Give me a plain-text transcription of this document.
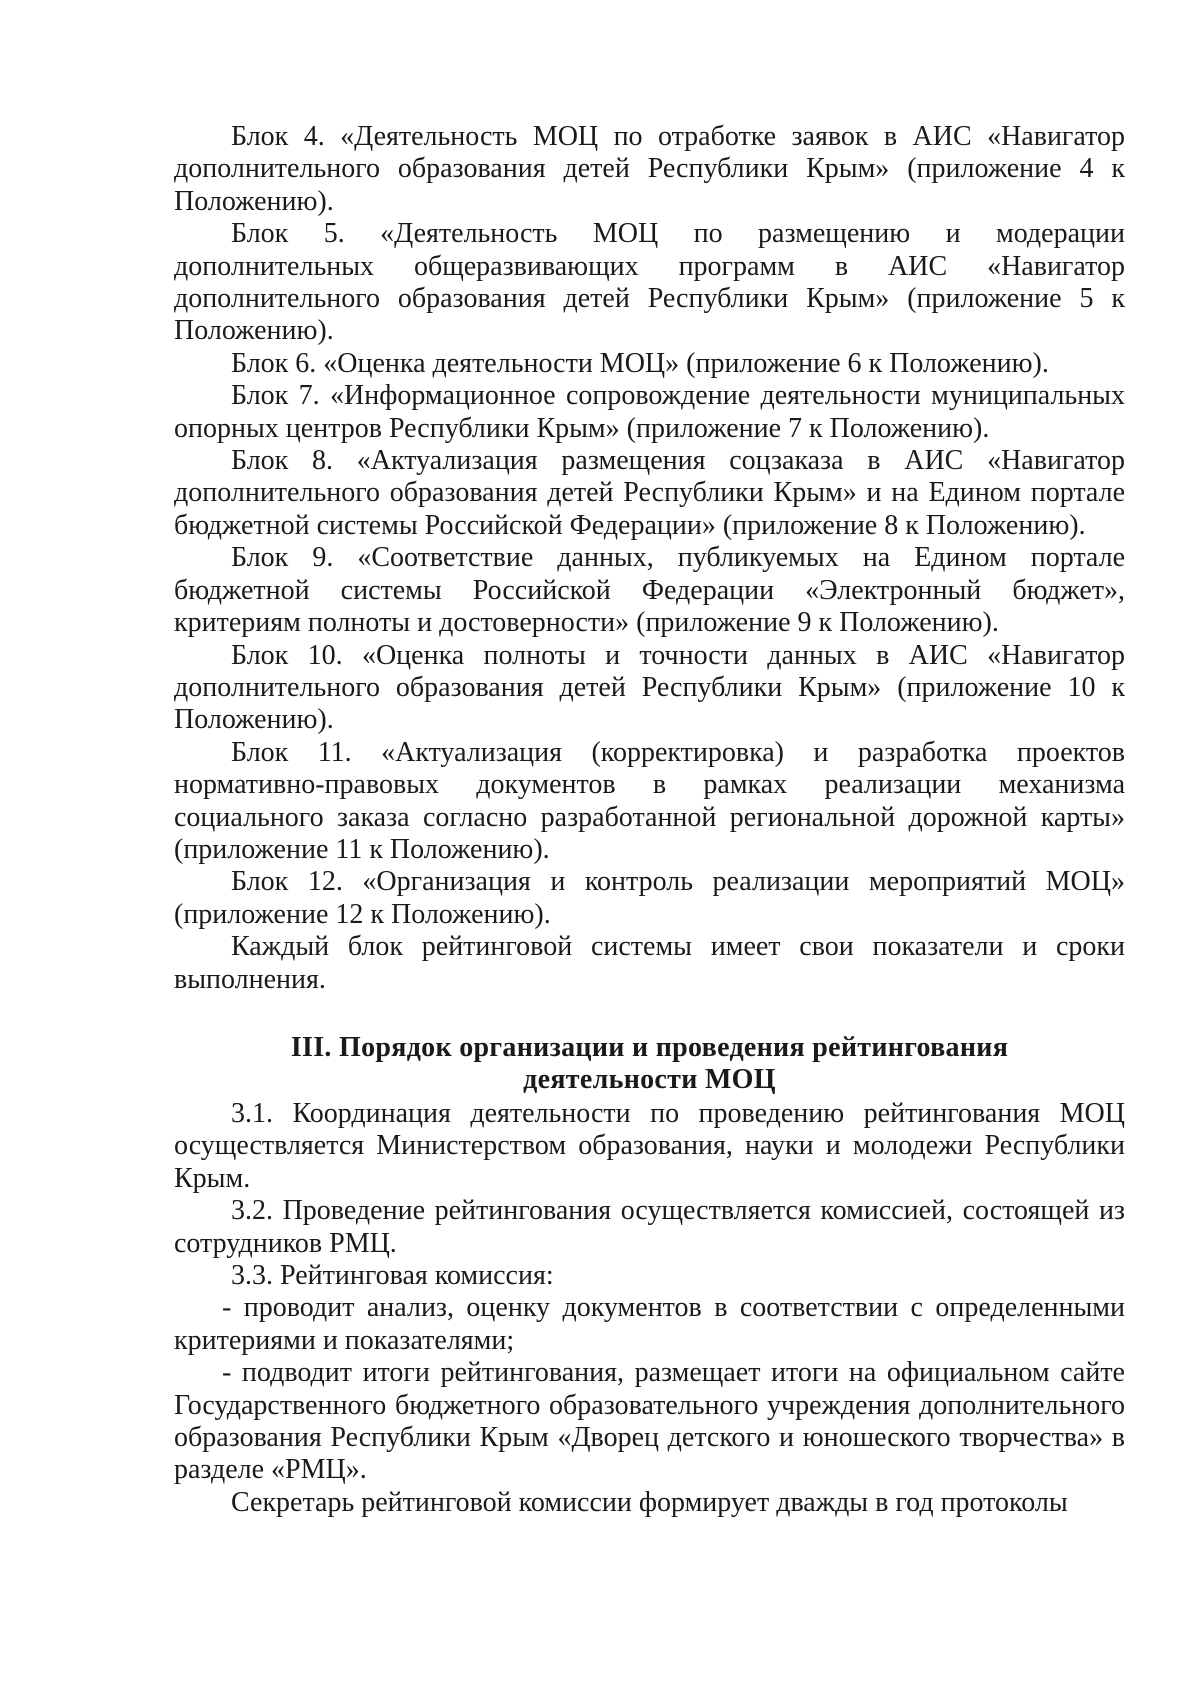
Блок 4. «Деятельность МОЦ по отработке заявок в АИС «Навигатор дополнительного образования детей Республики Крым» (приложение 4 к Положению).

Блок 5. «Деятельность МОЦ по размещению и модерации дополнительных общеразвивающих программ в АИС «Навигатор дополнительного образования детей Республики Крым» (приложение 5 к Положению).

Блок 6. «Оценка деятельности МОЦ» (приложение 6 к Положению).

Блок 7. «Информационное сопровождение деятельности муниципальных опорных центров Республики Крым» (приложение 7 к Положению).

Блок 8. «Актуализация размещения соцзаказа в АИС «Навигатор дополнительного образования детей Республики Крым» и на Едином портале бюджетной системы Российской Федерации» (приложение 8 к Положению).

Блок 9. «Соответствие данных, публикуемых на Едином портале бюджетной системы Российской Федерации «Электронный бюджет», критериям полноты и достоверности» (приложение 9 к Положению).

Блок 10. «Оценка полноты и точности данных в АИС «Навигатор дополнительного образования детей Республики Крым» (приложение 10 к Положению).

Блок 11. «Актуализация (корректировка) и разработка проектов нормативно-правовых документов в рамках реализации механизма социального заказа согласно разработанной региональной дорожной карты» (приложение 11 к Положению).

Блок 12. «Организация и контроль реализации мероприятий МОЦ» (приложение 12 к Положению).

Каждый блок рейтинговой системы имеет свои показатели и сроки выполнения.

III. Порядок организации и проведения рейтингования
деятельности МОЦ

3.1. Координация деятельности по проведению рейтингования МОЦ осуществляется Министерством образования, науки и молодежи Республики Крым.

3.2. Проведение рейтингования осуществляется комиссией, состоящей из сотрудников РМЦ.

3.3. Рейтинговая комиссия:

- проводит анализ, оценку документов в соответствии с определенными критериями и показателями;

- подводит итоги рейтингования, размещает итоги на официальном сайте Государственного бюджетного образовательного учреждения дополнительного образования Республики Крым «Дворец детского и юношеского творчества» в разделе «РМЦ».

Секретарь рейтинговой комиссии формирует дважды в год протоколы
